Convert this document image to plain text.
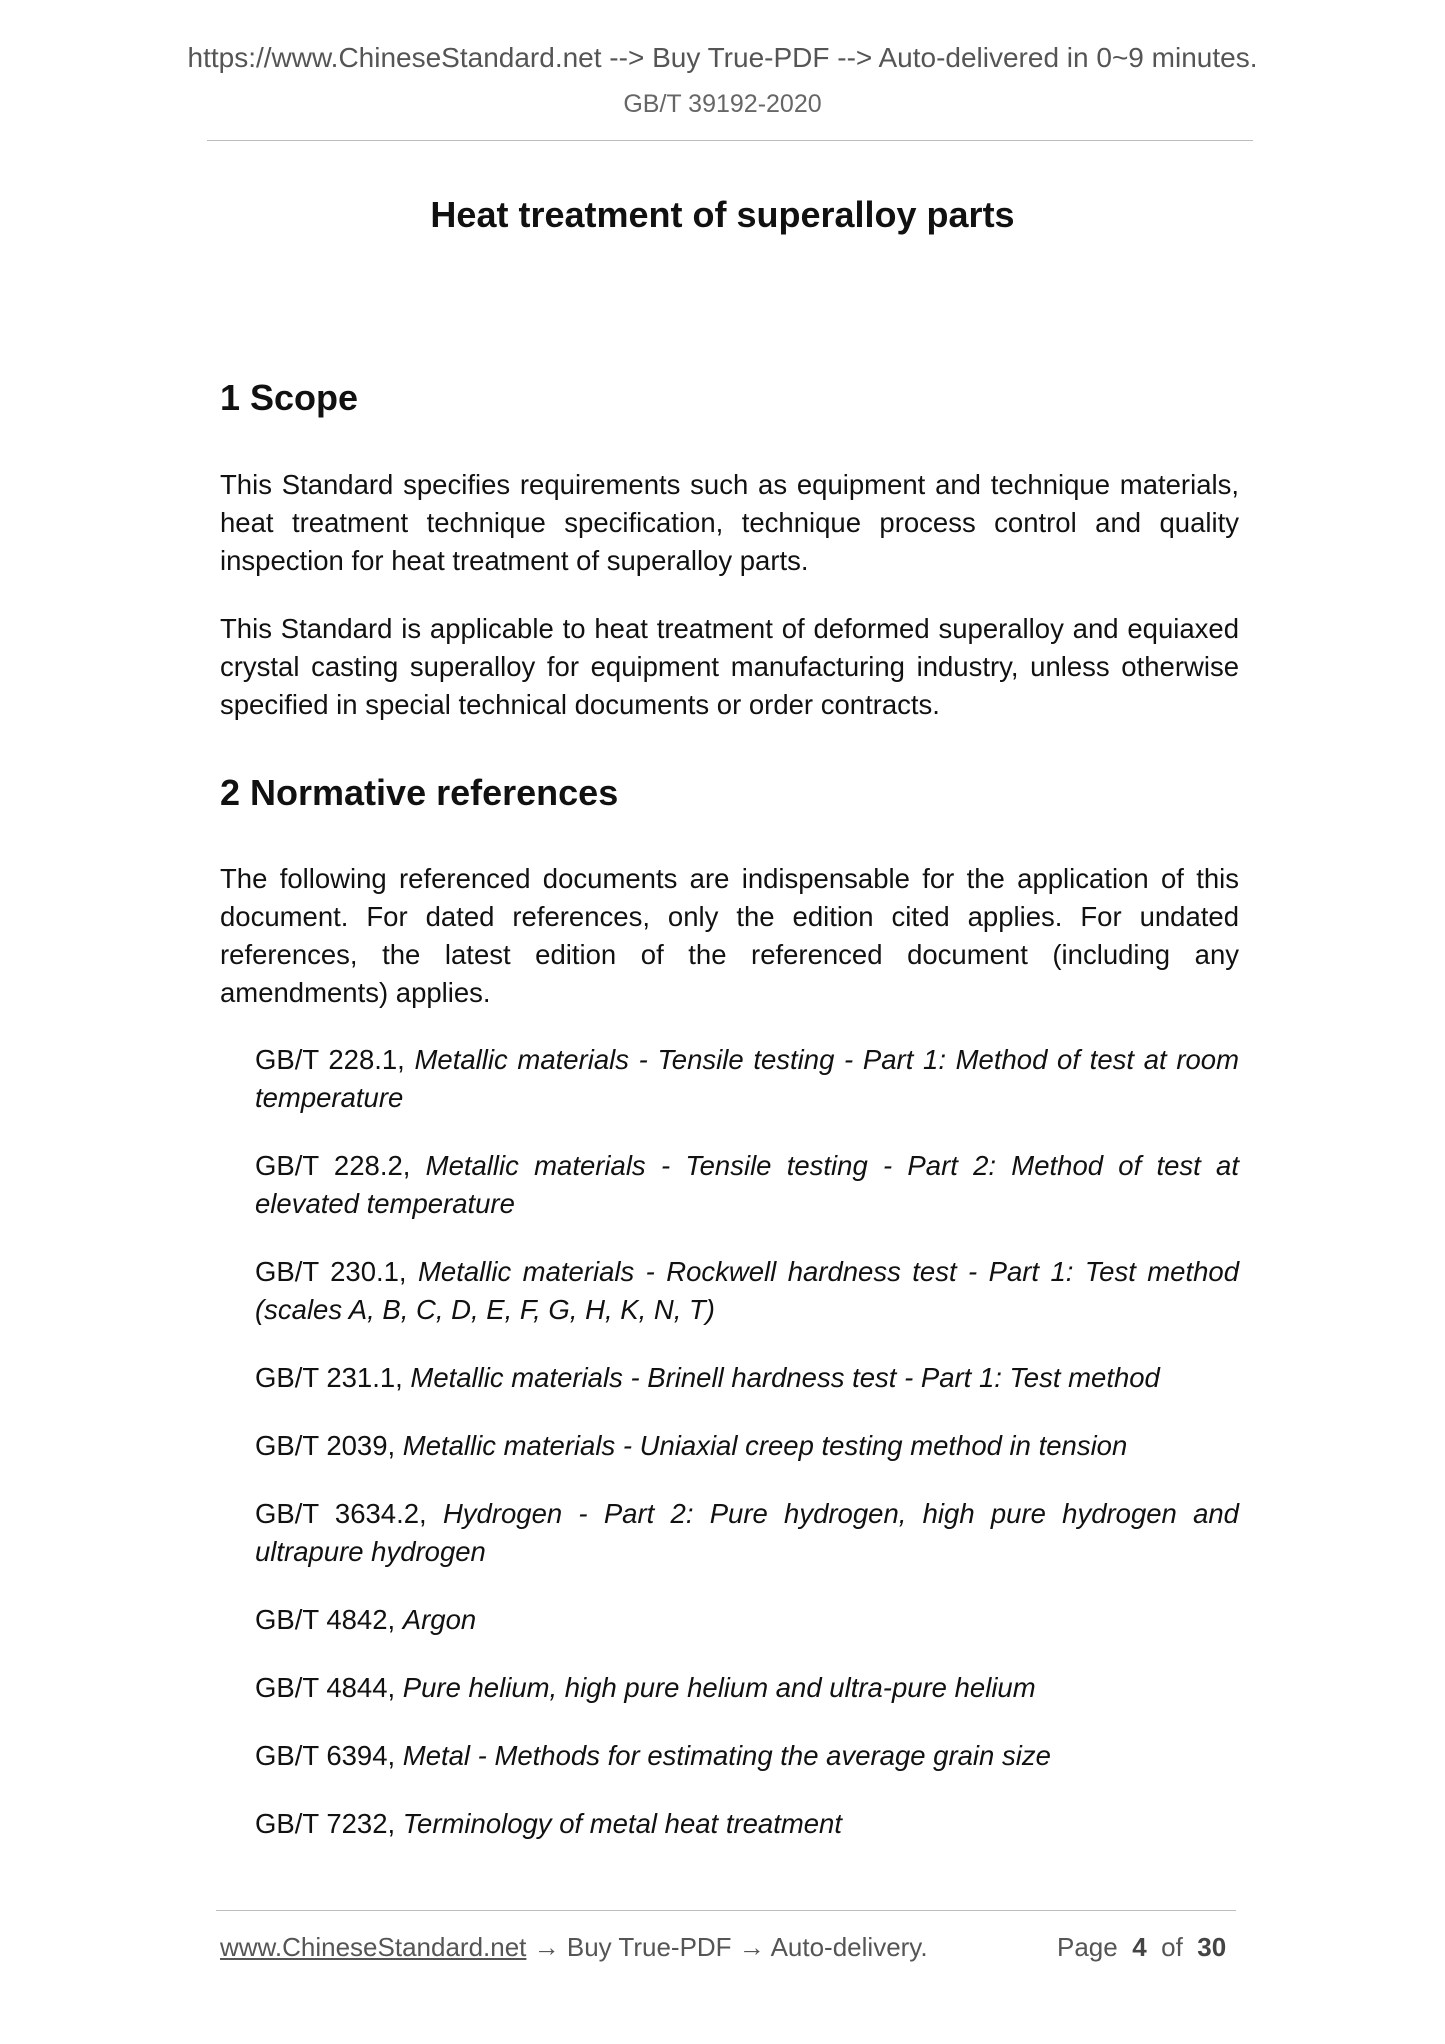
https://www.ChineseStandard.net --> Buy True-PDF --> Auto-delivered in 0~9 minutes.
GB/T 39192-2020
Heat treatment of superalloy parts
1 Scope

This Standard specifies requirements such as equipment and technique materials, heat treatment technique specification, technique process control and quality inspection for heat treatment of superalloy parts.

This Standard is applicable to heat treatment of deformed superalloy and equiaxed crystal casting superalloy for equipment manufacturing industry, unless otherwise specified in special technical documents or order contracts.

2 Normative references

The following referenced documents are indispensable for the application of this document. For dated references, only the edition cited applies. For undated references, the latest edition of the referenced document (including any amendments) applies.

GB/T 228.1, Metallic materials - Tensile testing - Part 1: Method of test at room temperature
GB/T 228.2, Metallic materials - Tensile testing - Part 2: Method of test at elevated temperature
GB/T 230.1, Metallic materials - Rockwell hardness test - Part 1: Test method (scales A, B, C, D, E, F, G, H, K, N, T)
GB/T 231.1, Metallic materials - Brinell hardness test - Part 1: Test method
GB/T 2039, Metallic materials - Uniaxial creep testing method in tension
GB/T 3634.2, Hydrogen - Part 2: Pure hydrogen, high pure hydrogen and ultrapure hydrogen
GB/T 4842, Argon
GB/T 4844, Pure helium, high pure helium and ultra-pure helium
GB/T 6394, Metal - Methods for estimating the average grain size
GB/T 7232, Terminology of metal heat treatment
www.ChineseStandard.net → Buy True-PDF → Auto-delivery.	Page 4 of 30
